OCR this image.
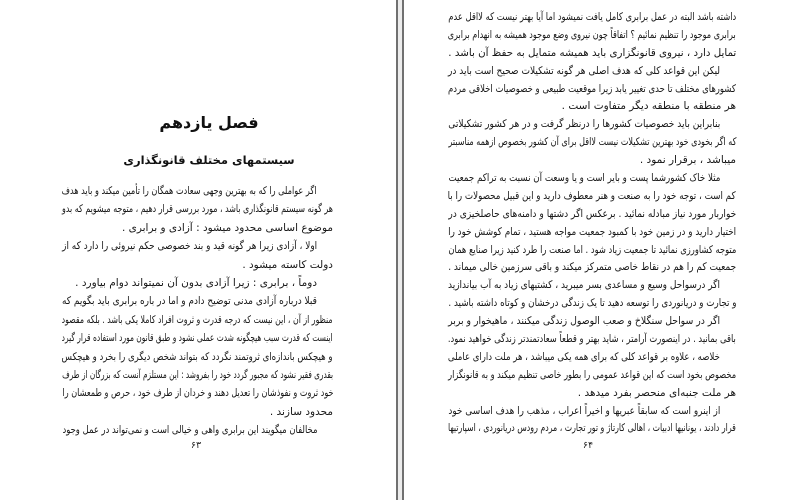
فصل یازدهم
سیستمهای مختلف قانونگذاری

اگر عواملی را که به بهترین وجهی سعادت همگان را تأمین میکند و باید هدف

هر گونه سیستم قانونگذاری باشد ، مورد بررسی قرار دهیم ، متوجه میشویم که بدو

موضوع اساسی محدود میشود : آزادی و برابری .

اولا ، آزادی زیرا هر گونه قید و بند خصوصی حکم نیروئی را دارد که از

دولت کاسته میشود .

دوماً ، برابری : زیرا آزادی بدون آن نمیتواند دوام بیاورد .

قبلا درباره آزادی مدنی توضیح دادم و اما در باره برابری باید بگویم که

منظور از آن ، این نیست که درجه قدرت و ثروت افراد کاملا یکی باشد . بلکه مقصود

اینست که قدرت سبب هیچگونه شدت عملی نشود و طبق قانون مورد استفاده قرار گیرد

و هیچکس باندازه‌ای ثروتمند نگردد که بتواند شخص دیگری را بخرد و هیچکس

بقدری فقیر نشود که مجبور گردد خود را بفروشد : این مستلزم آنست که بزرگان از طرف

خود ثروت و نفوذشان را تعدیل دهند و خردان از طرف خود ، حرص و طمعشان را

محدود سازند .

مخالفان میگویند این برابری واهی و خیالی است و نمی‌تواند در عمل وجود

۶۳

داشته باشد البته در عمل برابری کامل یافت نمیشود اما آیا بهتر نیست که لااقل عدم

برابری موجود را تنظیم نمائیم ؟ اتفاقاً چون نیروی وضع موجود همیشه به انهدام برابری

تمایل دارد ، نیروی قانونگزاری باید همیشه متمایل به حفظ آن باشد .

لیکن این قواعد کلی که هدف اصلی هر گونه تشکیلات صحیح است باید در

کشورهای مختلف تا حدی تغییر یابد زیرا موقعیت طبیعی و خصوصیات اخلاقی مردم

هر منطقه با منطقه دیگر متفاوت است .

بنابراین باید خصوصیات کشورها را درنظر گرفت و در هر کشور تشکیلاتی

که اگر بخودی خود بهترین تشکیلات نیست لااقل برای آن کشور بخصوص ازهمه مناسبتر

میباشد ، برقرار نمود .

مثلا خاک کشورشما پست و بایر است و یا وسعت آن نسبت به تراکم جمعیت

کم است ، توجه خود را به صنعت و هنر معطوف دارید و این قبیل محصولات را با

خواربار مورد نیاز مبادله نمائید . برعکس اگر دشتها و دامنه‌های حاصلخیزی در

اختیار دارید و در زمین خود با کمبود جمعیت مواجه هستید ، تمام کوشش خود را

متوجه کشاورزی نمائید تا جمعیت زیاد شود . اما صنعت را طرد کنید زیرا صنایع همان

جمعیت کم را هم در نقاط خاصی متمرکز میکند و باقی سرزمین خالی میماند .

اگر درسواحل وسیع و مساعدی بسر میبرید ، کشتیهای زیاد به آب بیاندازید

و تجارت و دریانوردی را توسعه دهید تا یک زندگی درخشان و کوتاه داشته باشید .

اگر در سواحل سنگلاخ و صعب الوصول زندگی میکنند ، ماهیخوار و بربر

باقی بمانید . در اینصورت آرامتر ، شاید بهتر و قطعاً سعادتمندتر زندگی خواهید نمود.

خلاصه ، علاوه بر قواعد کلی که برای همه یکی میباشد ، هر ملت دارای عاملی

مخصوص بخود است که این قواعد عمومی را بطور خاصی تنظیم میکند و به قانونگزار

هر ملت جنبه‌ای منحصر بفرد میدهد .

از اینرو است که سابقاً عبریها و اخیراً اعراب ، مذهب را هدف اساسی خود

قرار دادند ، یونانیها ادبیات ، اهالی کارتاژ و تور تجارت ، مردم رودس دریانوردی ، اسپارتیها

۶۴
